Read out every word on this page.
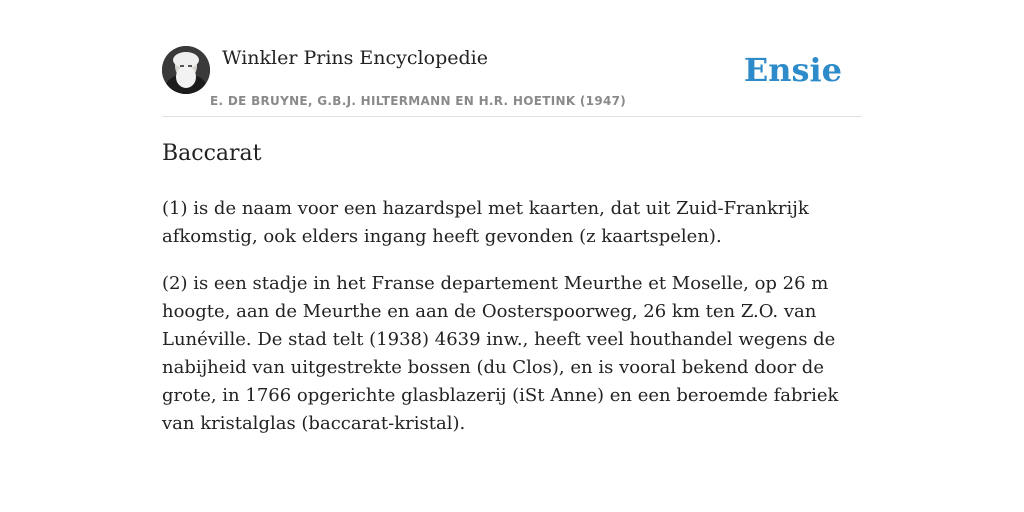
Winkler Prins Encyclopedie
E. DE BRUYNE, G.B.J. HILTERMANN EN H.R. HOETINK (1947)
Ensie
Baccarat

(1) is de naam voor een hazardspel met kaarten, dat uit Zuid-Frankrijk afkomstig, ook elders ingang heeft gevonden (z kaartspelen).

(2) is een stadje in het Franse departement Meurthe et Moselle, op 26 m hoogte, aan de Meurthe en aan de Oosterspoorweg, 26 km ten Z.O. van Lunéville. De stad telt (1938) 4639 inw., heeft veel houthandel wegens de nabijheid van uitgestrekte bossen (du Clos), en is vooral bekend door de grote, in 1766 opgerichte glasblazerij (iSt Anne) en een beroemde fabriek van kristalglas (baccarat-kristal).
